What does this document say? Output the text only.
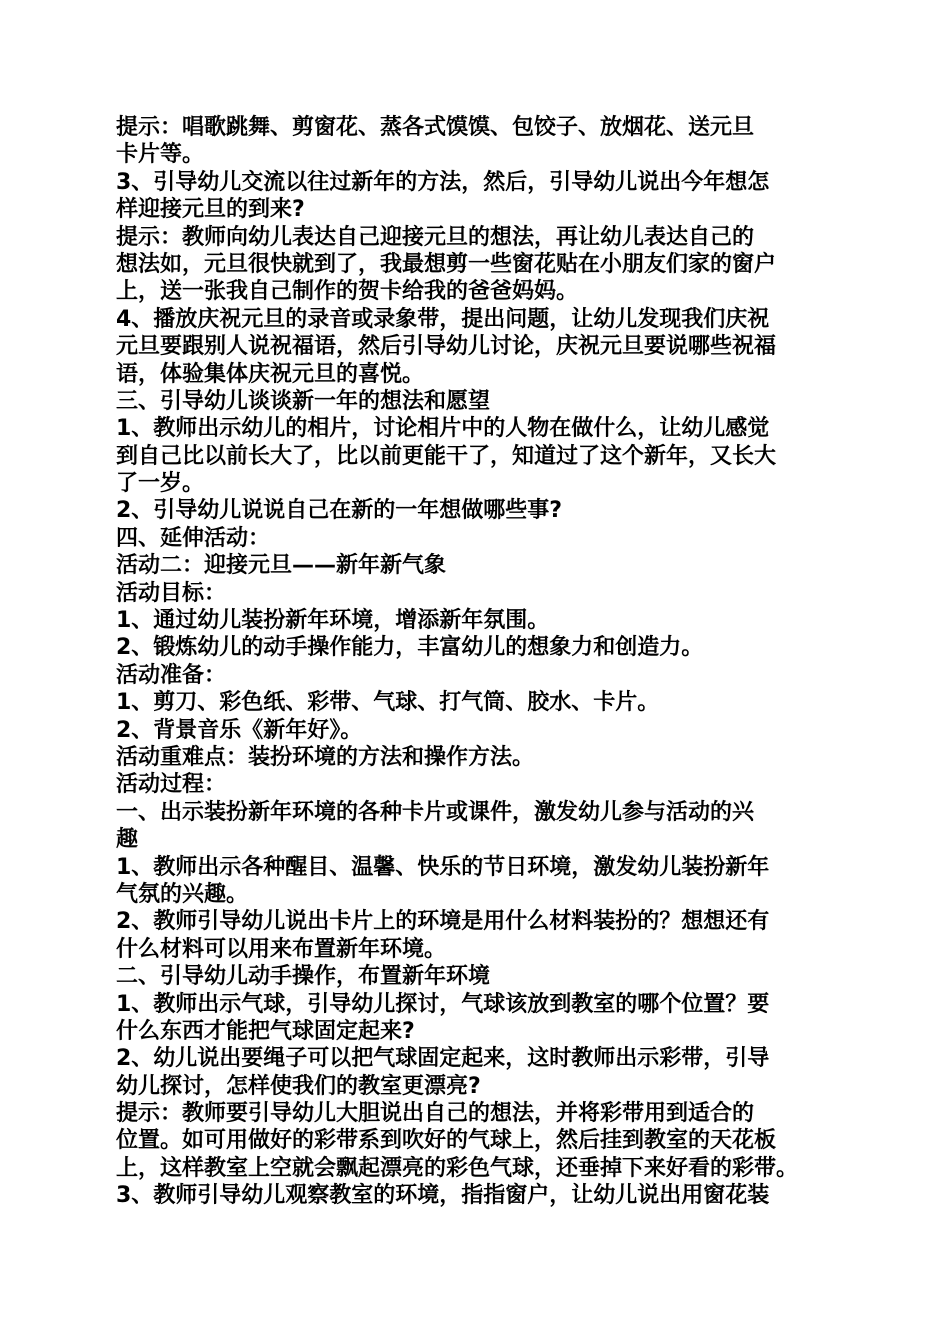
提示：唱歌跳舞、剪窗花、蒸各式馍馍、包饺子、放烟花、送元旦
卡片等。
3、引导幼儿交流以往过新年的方法，然后，引导幼儿说出今年想怎
样迎接元旦的到来?
提示：教师向幼儿表达自己迎接元旦的想法，再让幼儿表达自己的
想法如，元旦很快就到了，我最想剪一些窗花贴在小朋友们家的窗户
上，送一张我自己制作的贺卡给我的爸爸妈妈。
4、播放庆祝元旦的录音或录象带，提出问题，让幼儿发现我们庆祝
元旦要跟别人说祝福语，然后引导幼儿讨论，庆祝元旦要说哪些祝福
语，体验集体庆祝元旦的喜悦。
三、引导幼儿谈谈新一年的想法和愿望
1、教师出示幼儿的相片，讨论相片中的人物在做什么，让幼儿感觉
到自己比以前长大了，比以前更能干了，知道过了这个新年，又长大
了一岁。
2、引导幼儿说说自己在新的一年想做哪些事?
四、延伸活动：
活动二：迎接元旦——新年新气象
活动目标：
1、通过幼儿装扮新年环境，增添新年氛围。
2、锻炼幼儿的动手操作能力，丰富幼儿的想象力和创造力。
活动准备：
1、剪刀、彩色纸、彩带、气球、打气筒、胶水、卡片。
2、背景音乐《新年好》。
活动重难点：装扮环境的方法和操作方法。
活动过程：
一、出示装扮新年环境的各种卡片或课件，激发幼儿参与活动的兴
趣
1、教师出示各种醒目、温馨、快乐的节日环境，激发幼儿装扮新年
气氛的兴趣。
2、教师引导幼儿说出卡片上的环境是用什么材料装扮的？想想还有
什么材料可以用来布置新年环境。
二、引导幼儿动手操作，布置新年环境
1、教师出示气球，引导幼儿探讨，气球该放到教室的哪个位置？要
什么东西才能把气球固定起来?
2、幼儿说出要绳子可以把气球固定起来，这时教师出示彩带，引导
幼儿探讨，怎样使我们的教室更漂亮?
提示：教师要引导幼儿大胆说出自己的想法，并将彩带用到适合的
位置。如可用做好的彩带系到吹好的气球上，然后挂到教室的天花板
上，这样教室上空就会飘起漂亮的彩色气球，还垂掉下来好看的彩带。
3、教师引导幼儿观察教室的环境，指指窗户，让幼儿说出用窗花装
